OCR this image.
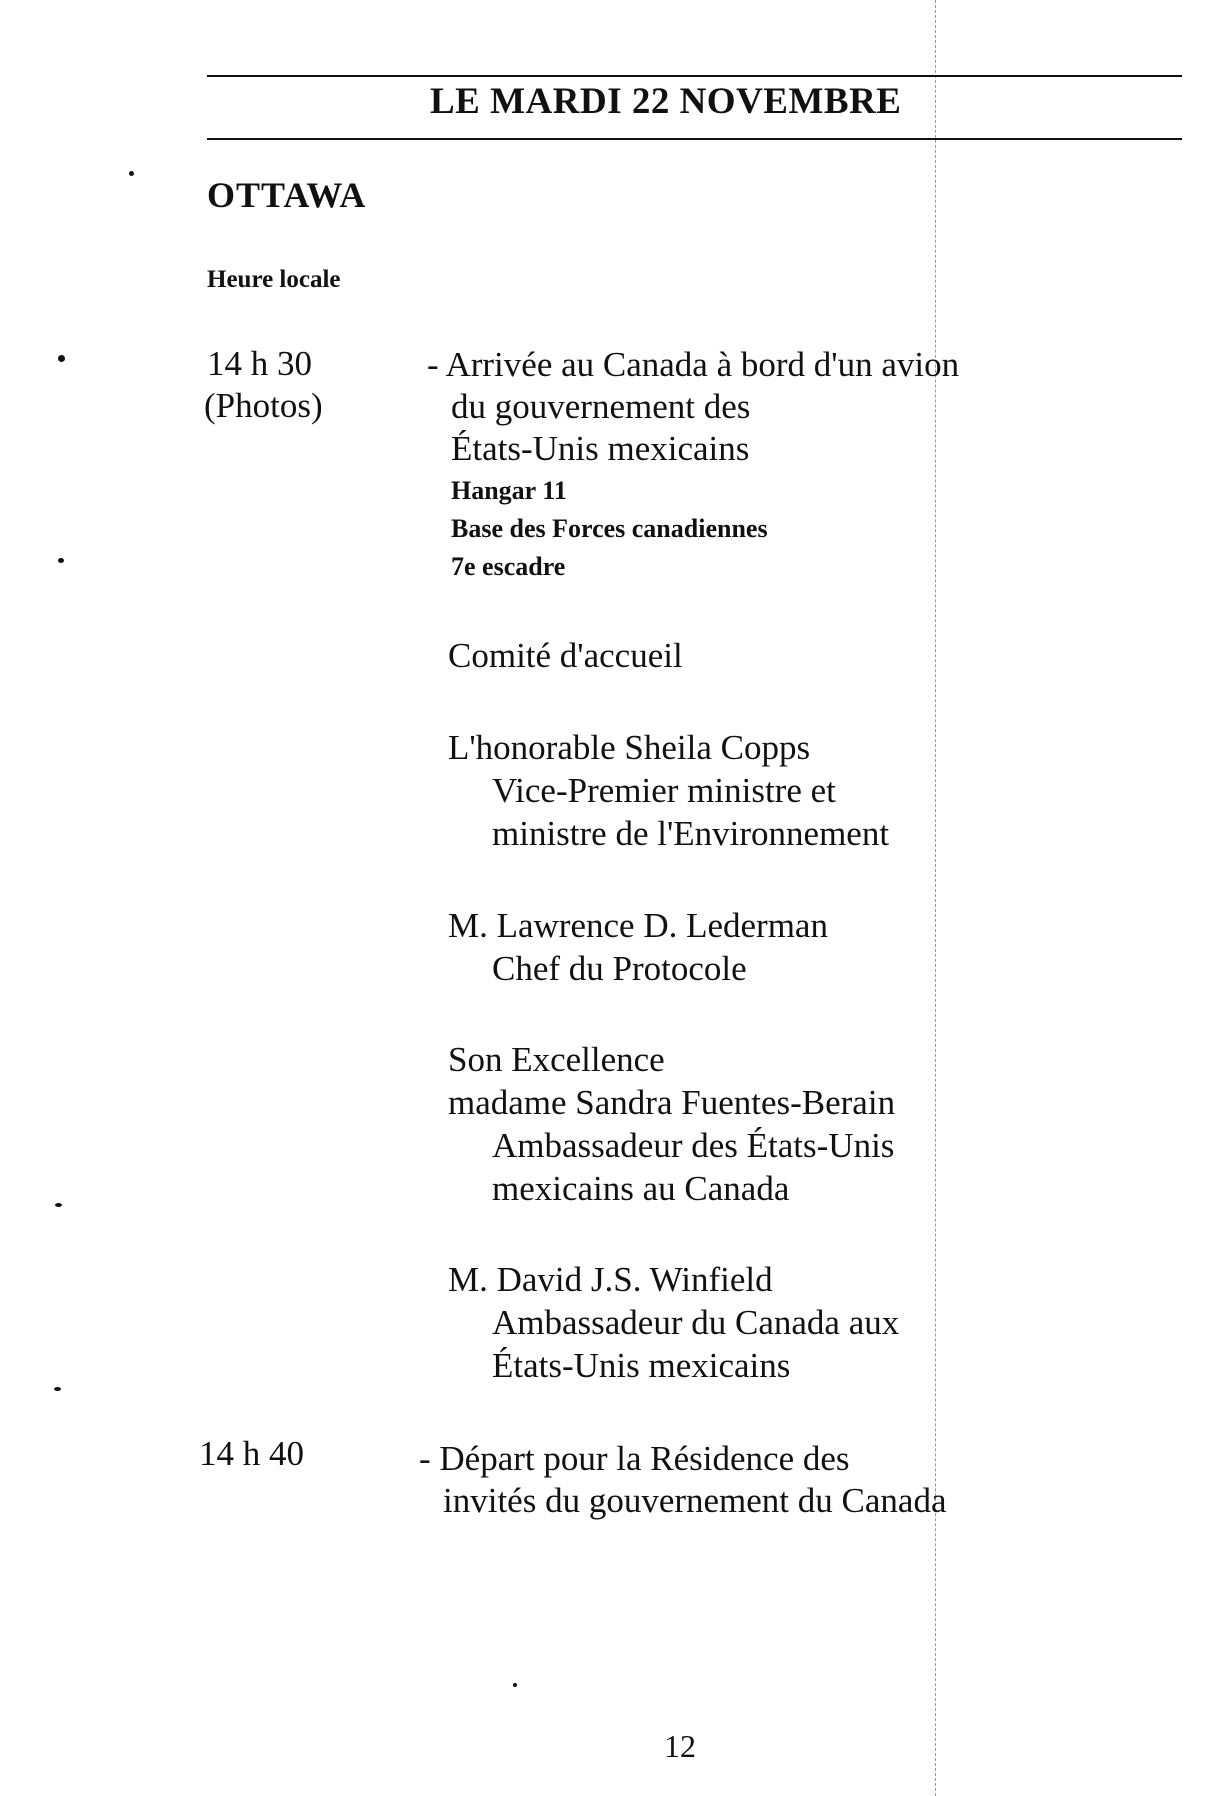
LE MARDI 22 NOVEMBRE
OTTAWA
Heure locale
14 h 30
(Photos)
- Arrivée au Canada à bord d'un avion
du gouvernement des
États-Unis mexicains
Hangar 11
Base des Forces canadiennes
7e escadre
Comité d'accueil
L'honorable Sheila Copps
Vice-Premier ministre et
ministre de l'Environnement
M. Lawrence D. Lederman
Chef du Protocole
Son Excellence
madame Sandra Fuentes-Berain
Ambassadeur des États-Unis
mexicains au Canada
M. David J.S. Winfield
Ambassadeur du Canada aux
États-Unis mexicains
14 h 40	- Départ pour la Résidence des
invités du gouvernement du Canada
12
